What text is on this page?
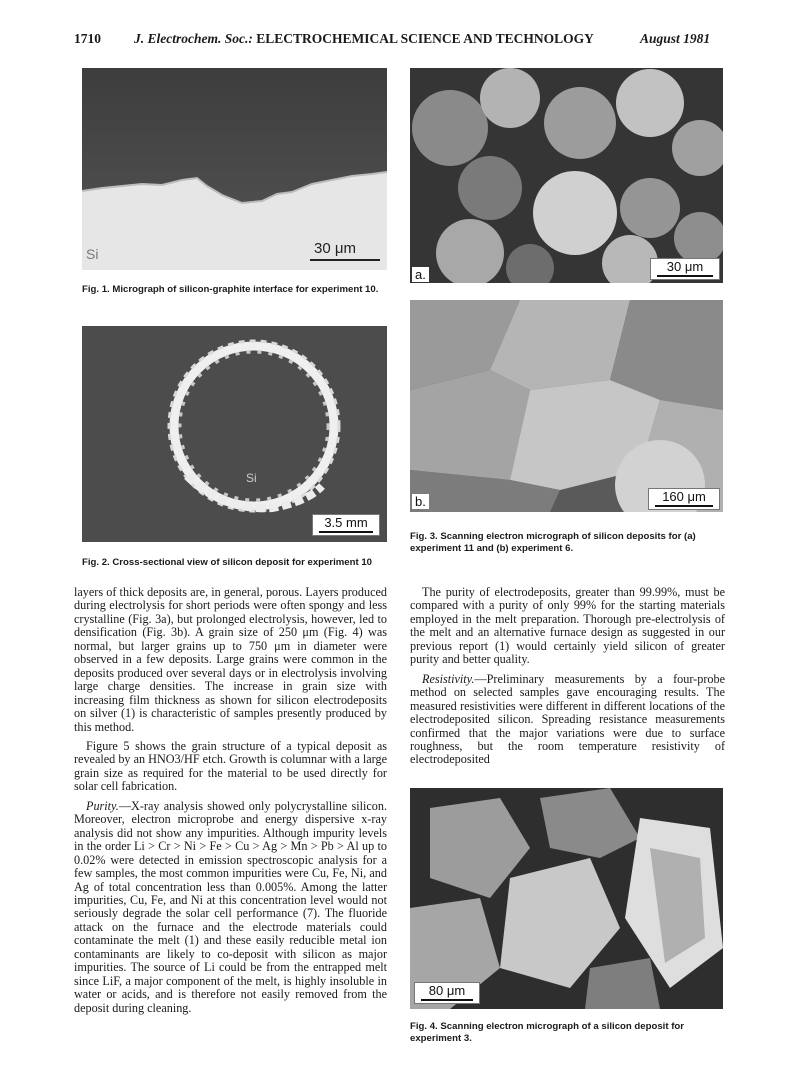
1710 J. Electrochem. Soc.: ELECTROCHEMICAL SCIENCE AND TECHNOLOGY	August 1981
Si	30 μm
Fig. 1. Micrograph of silicon-graphite interface for experiment 10.
Si
3.5 mm
Fig. 2. Cross-sectional view of silicon deposit for experiment 10
a.
30 μm
b.	160 μm
Fig. 3. Scanning electron micrograph of silicon deposits for (a) experiment 11 and (b) experiment 6.

layers of thick deposits are, in general, porous. Layers produced during electrolysis for short periods were often spongy and less crystalline (Fig. 3a), but prolonged electrolysis, however, led to densification (Fig. 3b). A grain size of 250 μm (Fig. 4) was normal, but larger grains up to 750 μm in diameter were observed in a few deposits. Large grains were common in the deposits produced over several days or in electrolysis involving large charge densities. The increase in grain size with increasing film thickness as shown for silicon electrodeposits on silver (1) is characteristic of samples presently produced by this method.

Figure 5 shows the grain structure of a typical deposit as revealed by an HNO3/HF etch. Growth is columnar with a large grain size as required for the material to be used directly for solar cell fabrication.

Purity.—X-ray analysis showed only polycrystalline silicon. Moreover, electron microprobe and energy dispersive x-ray analysis did not show any impurities. Although impurity levels in the order Li > Cr > Ni > Fe > Cu > Ag > Mn > Pb > Al up to 0.02% were detected in emission spectroscopic analysis for a few samples, the most common impurities were Cu, Fe, Ni, and Ag of total concentration less than 0.005%. Among the latter impurities, Cu, Fe, and Ni at this concentration level would not seriously degrade the solar cell performance (7). The fluoride attack on the furnace and the electrode materials could contaminate the melt (1) and these easily reducible metal ion contaminants are likely to co-deposit with silicon as major impurities. The source of Li could be from the entrapped melt since LiF, a major component of the melt, is highly insoluble in water or acids, and is therefore not easily removed from the deposit during cleaning.

The purity of electrodeposits, greater than 99.99%, must be compared with a purity of only 99% for the starting materials employed in the melt preparation. Thorough pre-electrolysis of the melt and an alternative furnace design as suggested in our previous report (1) would certainly yield silicon of greater purity and better quality.

Resistivity.—Preliminary measurements by a four-probe method on selected samples gave encouraging results. The measured resistivities were different in different locations of the electrodeposited silicon. Spreading resistance measurements confirmed that the major variations were due to surface roughness, but the room temperature resistivity of electrodeposited

80 μm
Fig. 4. Scanning electron micrograph of a silicon deposit for experiment 3.
